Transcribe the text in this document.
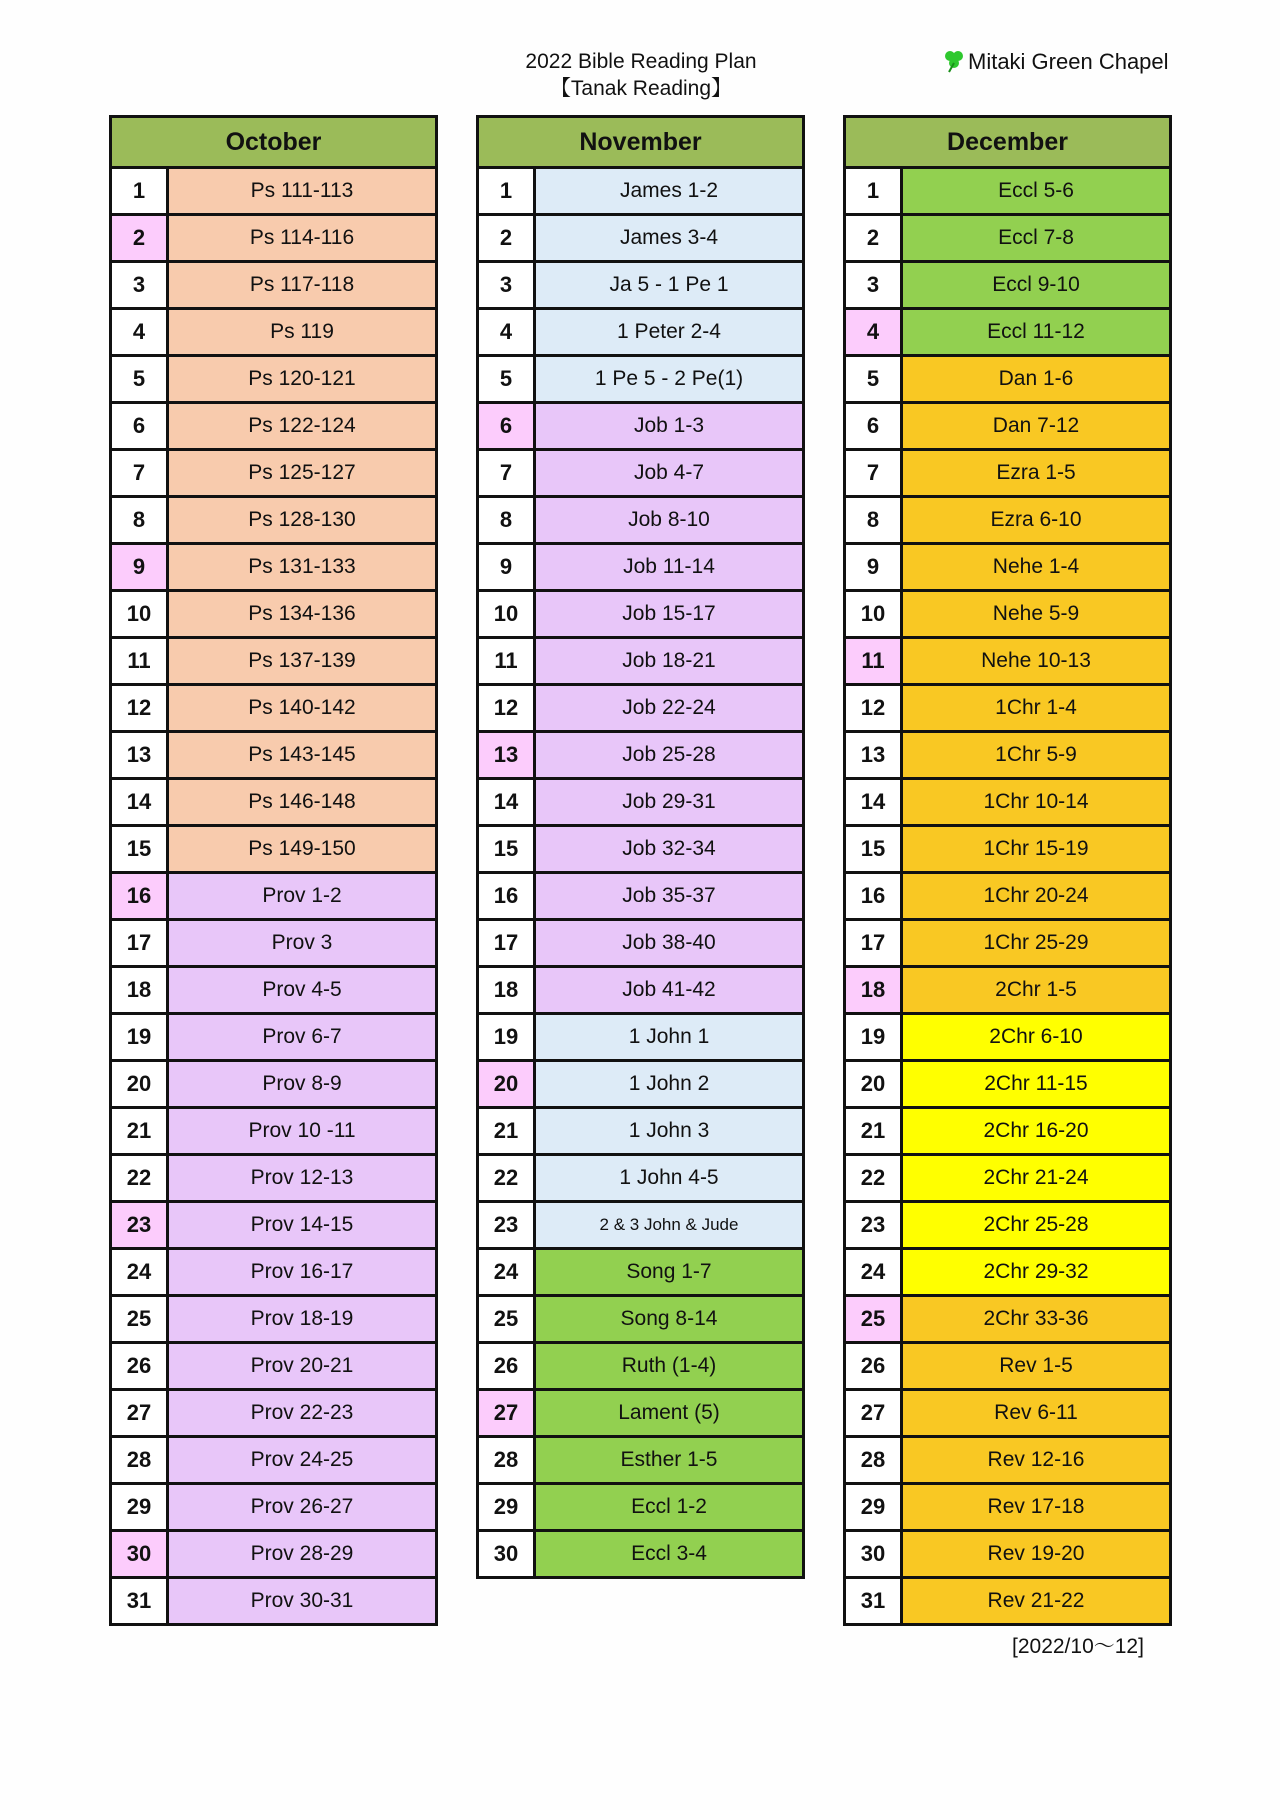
2022 Bible Reading Plan
【Tanak Reading】
Mitaki Green Chapel
October
1	Ps 111-113
2	Ps 114-116
3	Ps 117-118
4	Ps 119
5	Ps 120-121
6	Ps 122-124
7	Ps 125-127
8	Ps 128-130
9	Ps 131-133
10	Ps 134-136
11	Ps 137-139
12	Ps 140-142
13	Ps 143-145
14	Ps 146-148
15	Ps 149-150
16	Prov 1-2
17	Prov 3
18	Prov 4-5
19	Prov 6-7
20	Prov 8-9
21	Prov 10 -11
22	Prov 12-13
23	Prov 14-15
24	Prov 16-17
25	Prov 18-19
26	Prov 20-21
27	Prov 22-23
28	Prov 24-25
29	Prov 26-27
30	Prov 28-29
31	Prov 30-31
November
1	James 1-2
2	James 3-4
3	Ja 5 - 1 Pe 1
4	1 Peter 2-4
5	1 Pe 5 - 2 Pe(1)
6	Job 1-3
7	Job 4-7
8	Job 8-10
9	Job 11-14
10	Job 15-17
11	Job 18-21
12	Job 22-24
13	Job 25-28
14	Job 29-31
15	Job 32-34
16	Job 35-37
17	Job 38-40
18	Job 41-42
19	1 John 1
20	1 John 2
21	1 John 3
22	1 John 4-5
23	2 & 3 John & Jude
24	Song 1-7
25	Song 8-14
26	Ruth (1-4)
27	Lament (5)
28	Esther 1-5
29	Eccl 1-2
30	Eccl 3-4
December
1	Eccl 5-6
2	Eccl 7-8
3	Eccl 9-10
4	Eccl 11-12
5	Dan 1-6
6	Dan 7-12
7	Ezra 1-5
8	Ezra 6-10
9	Nehe 1-4
10	Nehe 5-9
11	Nehe 10-13
12	1Chr 1-4
13	1Chr 5-9
14	1Chr 10-14
15	1Chr 15-19
16	1Chr 20-24
17	1Chr 25-29
18	2Chr 1-5
19	2Chr 6-10
20	2Chr 11-15
21	2Chr 16-20
22	2Chr 21-24
23	2Chr 25-28
24	2Chr 29-32
25	2Chr 33-36
26	Rev 1-5
27	Rev 6-11
28	Rev 12-16
29	Rev 17-18
30	Rev 19-20
31	Rev 21-22
[2022/10～12]
